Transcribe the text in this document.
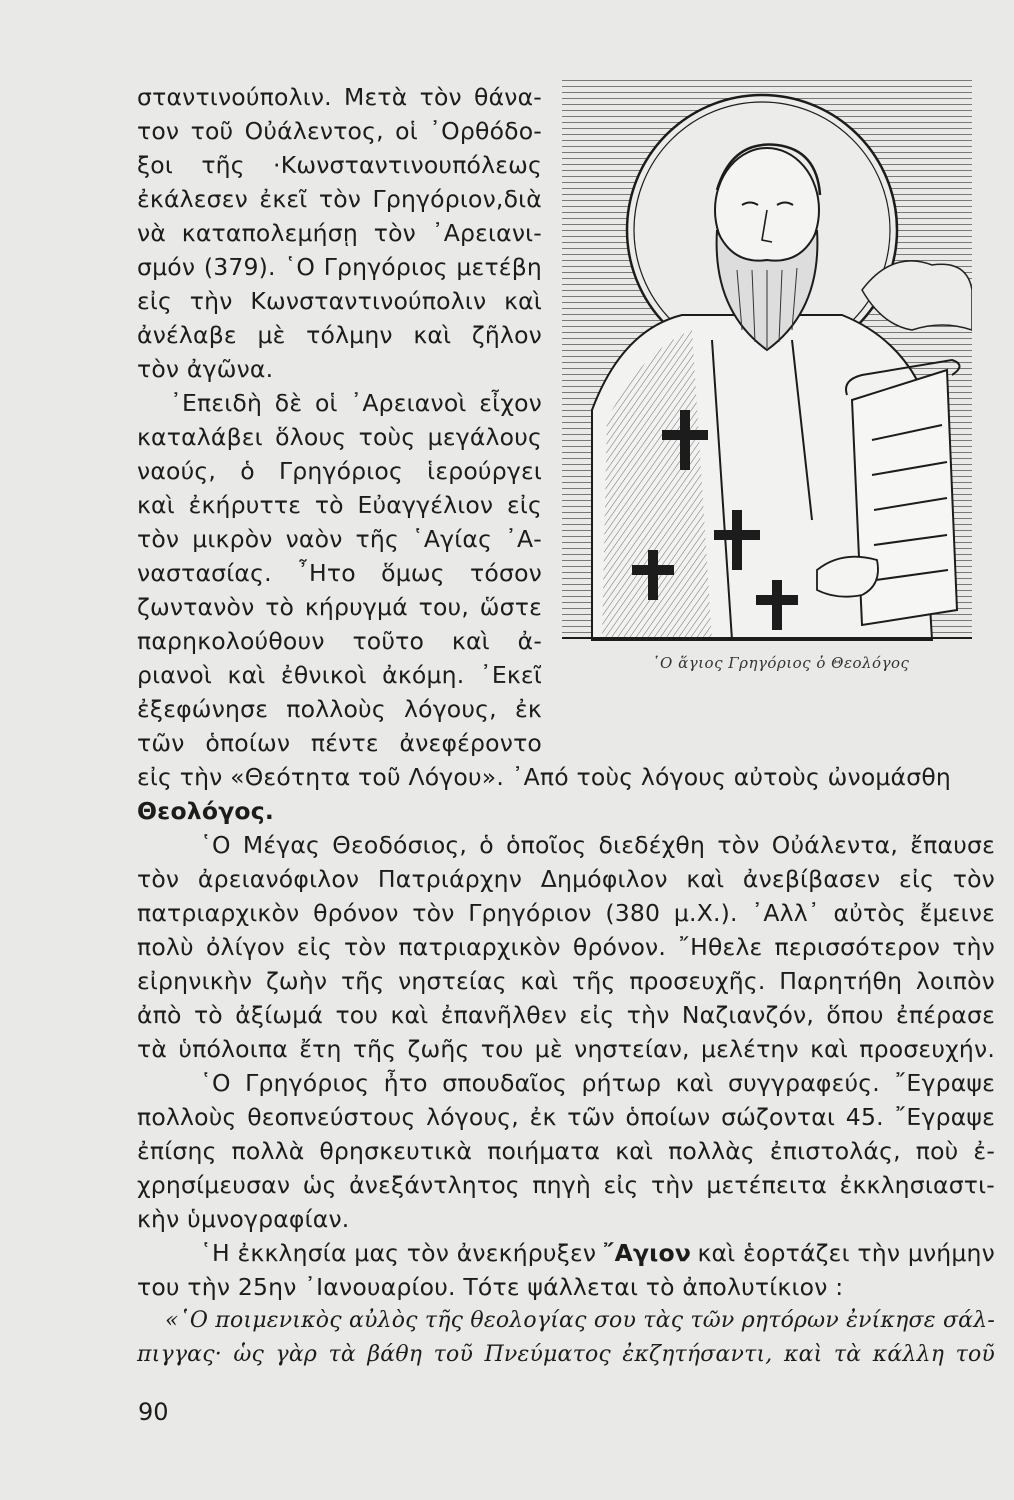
σταντινούπολιν. Μετὰ τὸν θάνα-
τον τοῦ Οὐάλεντος, οἱ ᾿Ορθόδο-
ξοι τῆς ·Κωνσταντινουπόλεως
ἐκάλεσεν ἐκεῖ τὸν Γρηγόριον,διὰ
νὰ καταπολεμήσῃ τὸν ᾿Αρειανι-
σμόν (379). ῾Ο Γρηγόριος μετέβη
εἰς τὴν Κωνσταντινούπολιν καὶ
ἀνέλαβε μὲ τόλμην καὶ ζῆλον
τὸν ἀγῶνα.
᾿Επειδὴ δὲ οἱ ᾿Αρειανοὶ εἶχον
καταλάβει ὅλους τοὺς μεγάλους
ναούς, ὁ Γρηγόριος ἱερούργει
καὶ ἐκήρυττε τὸ Εὐαγγέλιον εἰς
τὸν μικρὸν ναὸν τῆς ῾Αγίας ᾿Α-
ναστασίας. ῏Ητο ὅμως τόσον
ζωντανὸν τὸ κήρυγμά του, ὥστε
παρηκολούθουν τοῦτο καὶ ἀ-
ριανοὶ καὶ ἐθνικοὶ ἀκόμη. ᾿Εκεῖ
ἐξεφώνησε πολλοὺς λόγους, ἐκ
τῶν ὁποίων πέντε ἀνεφέροντο
῾Ο ἅγιος Γρηγόριος ὁ Θεολόγος
εἰς τὴν «Θεότητα τοῦ Λόγου». ᾿Από τοὺς λόγους αὐτοὺς ὠνομάσθη
Θεολόγος.
῾Ο Μέγας Θεοδόσιος, ὁ ὁποῖος διεδέχθη τὸν Οὐάλεντα, ἔπαυσε
τὸν ἀρειανόφιλον Πατριάρχην Δημόφιλον καὶ ἀνεβίβασεν εἰς τὸν
πατριαρχικὸν θρόνον τὸν Γρηγόριον (380 μ.Χ.). ᾿Αλλ᾿ αὐτὸς ἔμεινε
πολὺ ὀλίγον εἰς τὸν πατριαρχικὸν θρόνον. ῎Ηθελε περισσότερον τὴν
εἰρηνικὴν ζωὴν τῆς νηστείας καὶ τῆς προσευχῆς. Παρητήθη λοιπὸν
ἀπὸ τὸ ἀξίωμά του καὶ ἐπανῆλθεν εἰς τὴν Ναζιανζόν, ὅπου ἐπέρασε
τὰ ὑπόλοιπα ἔτη τῆς ζωῆς του μὲ νηστείαν, μελέτην καὶ προσευχήν.
῾Ο Γρηγόριος ἦτο σπουδαῖος ρήτωρ καὶ συγγραφεύς. ῎Εγραψε
πολλοὺς θεοπνεύστους λόγους, ἐκ τῶν ὁποίων σώζονται 45. ῎Εγραψε
ἐπίσης πολλὰ θρησκευτικὰ ποιήματα καὶ πολλὰς ἐπιστολάς, ποὺ ἐ-
χρησίμευσαν ὡς ἀνεξάντλητος πηγὴ εἰς τὴν μετέπειτα ἐκκλησιαστι-
κὴν ὑμνογραφίαν.
῾Η ἐκκλησία μας τὸν ἀνεκήρυξεν ῎Αγιον καὶ ἑορτάζει τὴν μνήμην
του τὴν 25ην ᾿Ιανουαρίου. Τότε ψάλλεται τὸ ἀπολυτίκιον :
«῾Ο ποιμενικὸς αὐλὸς τῆς θεολογίας σου τὰς τῶν ρητόρων ἐνίκησε σάλ-
πιγγας· ὡς γὰρ τὰ βάθη τοῦ Πνεύματος ἐκζητήσαντι, καὶ τὰ κάλλη τοῦ
90
